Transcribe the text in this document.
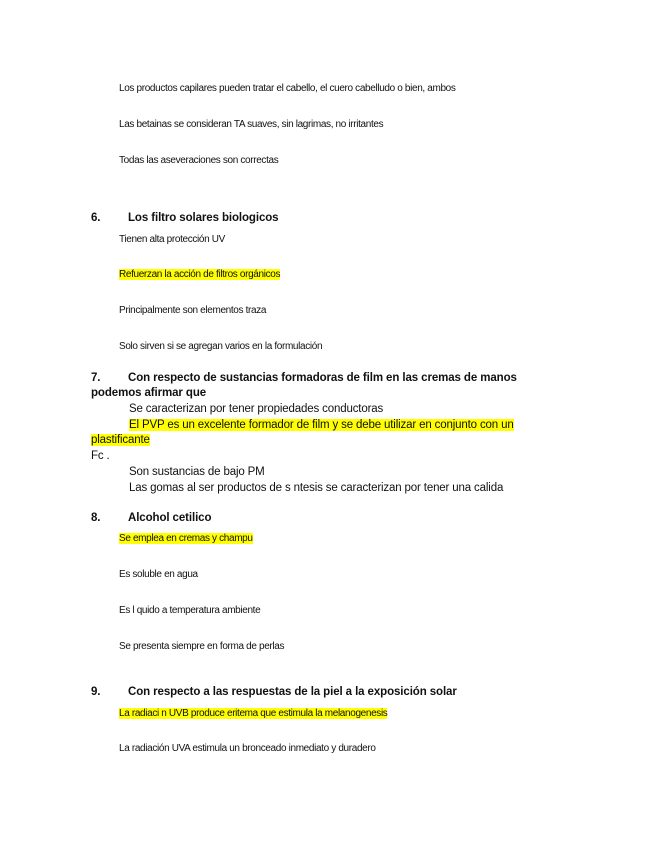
Los productos capilares pueden tratar el cabello, el cuero cabelludo o bien, ambos
Las betainas se consideran TA suaves, sin lagrimas, no irritantes
Todas las aseveraciones son correctas
6. Los filtro solares biologicos
Tienen alta protección UV
Refuerzan la acción de filtros orgánicos
Principalmente son elementos traza
Solo sirven si se agregan varios en la formulación
7. Con respecto de sustancias formadoras de film en las cremas de manos
podemos afirmar que
Se caracterizan por tener propiedades conductoras
El PVP es un excelente formador de film y se debe utilizar en conjunto con un
plastificante
Fc .
Son sustancias de bajo PM
Las gomas al ser productos de s ntesis se caracterizan por tener una calida
8. Alcohol cetilico
Se emplea en cremas y champu
Es soluble en agua
Es l quido a temperatura ambiente
Se presenta siempre en forma de perlas
9. Con respecto a las respuestas de la piel a la exposición solar
La radiaci n UVB produce eritema que estimula la melanogenesis
La radiación UVA estimula un bronceado inmediato y duradero
